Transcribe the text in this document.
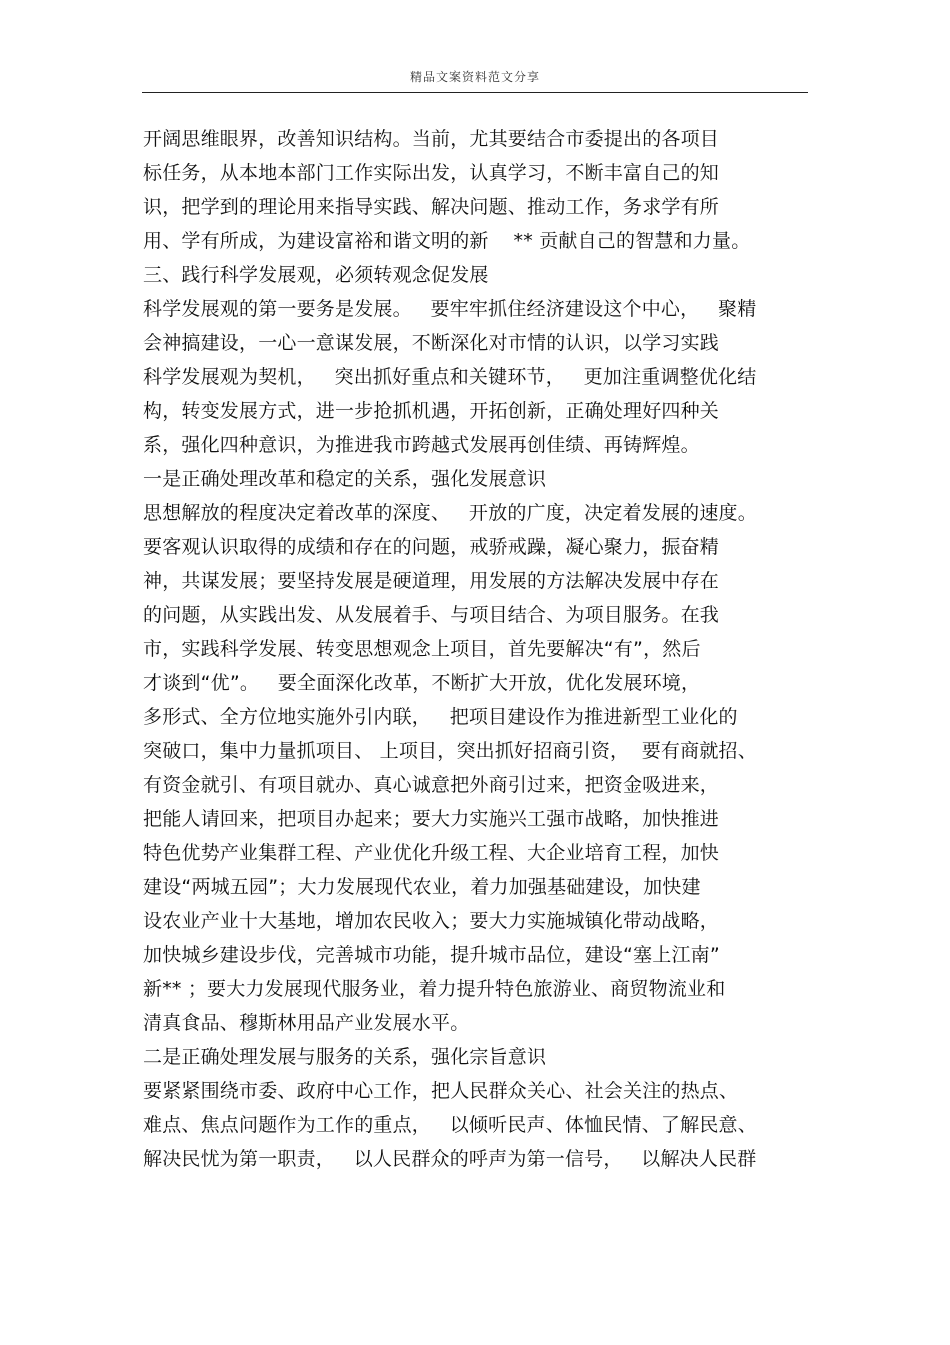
精品文案资料范文分享
开阔思维眼界，改善知识结构。当前，尤其要结合市委提出的各项目
标任务，从本地本部门工作实际出发，认真学习，不断丰富自己的知
识，把学到的理论用来指导实践、解决问题、推动工作，务求学有所
用、学有所成，为建设富裕和谐文明的新    ** 贡献自己的智慧和力量。
三、践行科学发展观，必须转观念促发展
科学发展观的第一要务是发展。   要牢牢抓住经济建设这个中心，   聚精
会神搞建设，一心一意谋发展，不断深化对市情的认识，以学习实践
科学发展观为契机，   突出抓好重点和关键环节，   更加注重调整优化结
构，转变发展方式，进一步抢抓机遇，开拓创新，正确处理好四种关
系，强化四种意识，为推进我市跨越式发展再创佳绩、再铸辉煌。
一是正确处理改革和稳定的关系，强化发展意识
思想解放的程度决定着改革的深度、   开放的广度，决定着发展的速度。
要客观认识取得的成绩和存在的问题，戒骄戒躁，凝心聚力，振奋精
神，共谋发展；要坚持发展是硬道理，用发展的方法解决发展中存在
的问题，从实践出发、从发展着手、与项目结合、为项目服务。在我
市，实践科学发展、转变思想观念上项目，首先要解决“有”，然后
才谈到“优”。   要全面深化改革，不断扩大开放，优化发展环境，
多形式、全方位地实施外引内联，   把项目建设作为推进新型工业化的
突破口，集中力量抓项目、 上项目，突出抓好招商引资，  要有商就招、
有资金就引、有项目就办、真心诚意把外商引过来，把资金吸进来，
把能人请回来，把项目办起来；要大力实施兴工强市战略，加快推进
特色优势产业集群工程、产业优化升级工程、大企业培育工程，加快
建设“两城五园”；大力发展现代农业，着力加强基础建设，加快建
设农业产业十大基地，增加农民收入；要大力实施城镇化带动战略，
加快城乡建设步伐，完善城市功能，提升城市品位，建设“塞上江南”
新** ；要大力发展现代服务业，着力提升特色旅游业、商贸物流业和
清真食品、穆斯林用品产业发展水平。
二是正确处理发展与服务的关系，强化宗旨意识
要紧紧围绕市委、政府中心工作，把人民群众关心、社会关注的热点、
难点、焦点问题作为工作的重点，   以倾听民声、体恤民情、了解民意、
解决民忧为第一职责，   以人民群众的呼声为第一信号，   以解决人民群
